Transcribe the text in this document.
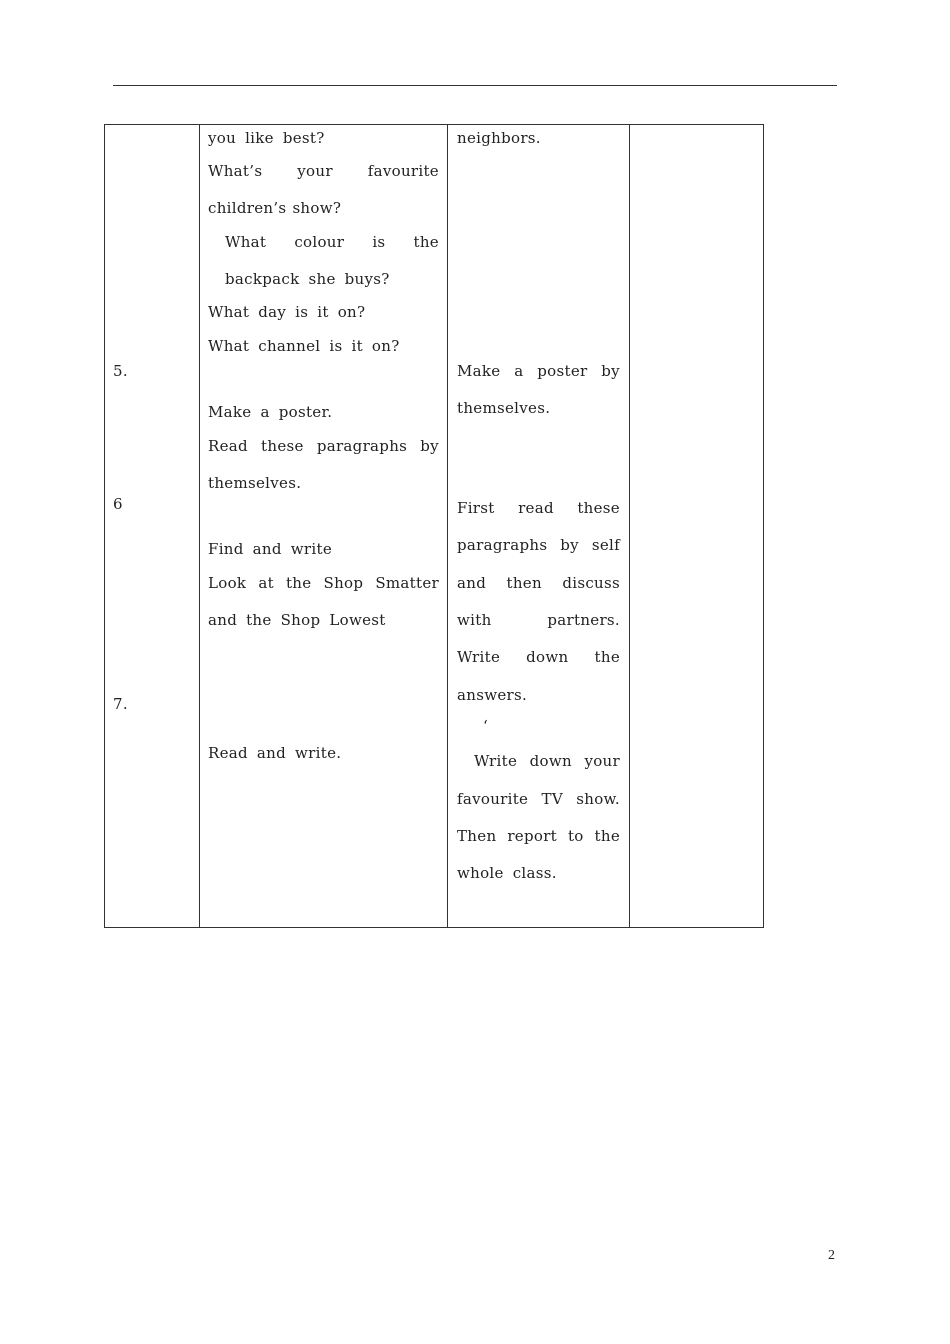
5.
6
7.
you like best?
What’s your favourite
children’s show?
What colour is the
backpack she buys?
What day is it on?
What channel is it on?
Make a poster.
Read these paragraphs by
themselves.
Find and write
Look at the Shop Smatter
and the Shop Lowest
Read and write.
neighbors.
Make a poster by
themselves.
First read these
paragraphs by self
and then discuss
with	partners.
Write down the
answers.
‘
Write down your
favourite TV show.
Then report to the
whole class.
2
